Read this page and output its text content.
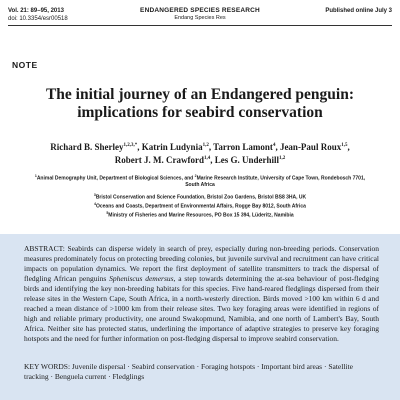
Vol. 21: 89–95, 2013
doi: 10.3354/esr00518
ENDANGERED SPECIES RESEARCH
Endang Species Res
Published online July 3
NOTE
The initial journey of an Endangered penguin:
implications for seabird conservation
Richard B. Sherley$^{1,2,3,*}$, Katrin Ludynia$^{1,2}$, Tarron Lamont$^4$, Jean-Paul Roux$^{1,5}$,
Robert J. M. Crawford$^{1,4}$, Les G. Underhill$^{1,2}$
$^1$Animal Demography Unit, Department of Biological Sciences, and $^2$Marine Research Institute, University of Cape Town, Rondebosch 7701, South Africa
$^3$Bristol Conservation and Science Foundation, Bristol Zoo Gardens, Bristol BS8 3HA, UK
$^4$Oceans and Coasts, Department of Environmental Affairs, Rogge Bay 8012, South Africa
$^5$Ministry of Fisheries and Marine Resources, PO Box 15 394, Lüderitz, Namibia

ABSTRACT: Seabirds can disperse widely in search of prey, especially during non-breeding periods. Conservation measures predominately focus on protecting breeding colonies, but juvenile survival and recruitment can have critical impacts on population dynamics. We report the first deployment of satellite transmitters to track the dispersal of fledgling African penguins Spheniscus demersus, a step towards determining the at-sea behaviour of post-fledging birds and identifying the key non-breeding habitats for this species. Five hand-reared fledglings dispersed from their release sites in the Western Cape, South Africa, in a north-westerly direction. Birds moved >100 km within 6 d and reached a mean distance of >1000 km from their release sites. Two key foraging areas were identified in regions of high and reliable primary productivity, one around Swakopmund, Namibia, and one north of Lambert's Bay, South Africa. Neither site has protected status, underlining the importance of adaptive strategies to preserve key foraging hotspots and the need for further information on post-fledging dispersal to improve seabird conservation.

KEY WORDS: Juvenile dispersal · Seabird conservation · Foraging hotspots · Important bird areas · Satellite tracking · Benguela current · Fledglings
